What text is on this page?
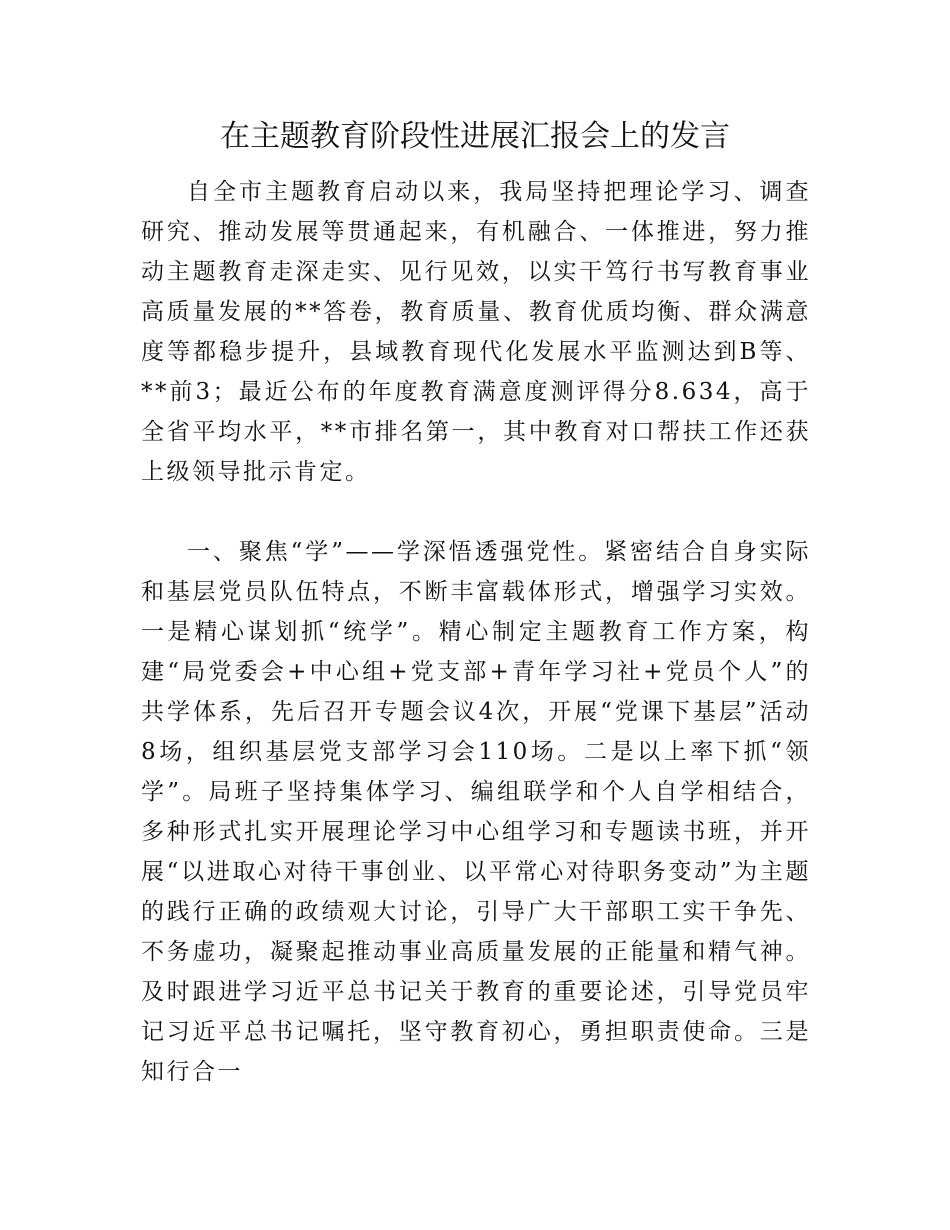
在主题教育阶段性进展汇报会上的发言

自全市主题教育启动以来，我局坚持把理论学习、调查研究、推动发展等贯通起来，有机融合、一体推进，努力推动主题教育走深走实、见行见效，以实干笃行书写教育事业高质量发展的**答卷，教育质量、教育优质均衡、群众满意度等都稳步提升，县域教育现代化发展水平监测达到B等、**前3；最近公布的年度教育满意度测评得分8.634，高于全省平均水平，**市排名第一，其中教育对口帮扶工作还获上级领导批示肯定。

一、聚焦“学”——学深悟透强党性。紧密结合自身实际和基层党员队伍特点，不断丰富载体形式，增强学习实效。一是精心谋划抓“统学”。精心制定主题教育工作方案，构建“局党委会+中心组+党支部+青年学习社+党员个人”的共学体系，先后召开专题会议4次，开展“党课下基层”活动8场，组织基层党支部学习会110场。二是以上率下抓“领学”。局班子坚持集体学习、编组联学和个人自学相结合，多种形式扎实开展理论学习中心组学习和专题读书班，并开展“以进取心对待干事创业、以平常心对待职务变动”为主题的践行正确的政绩观大讨论，引导广大干部职工实干争先、不务虚功，凝聚起推动事业高质量发展的正能量和精气神。及时跟进学习近平总书记关于教育的重要论述，引导党员牢记习近平总书记嘱托，坚守教育初心，勇担职责使命。三是知行合一
